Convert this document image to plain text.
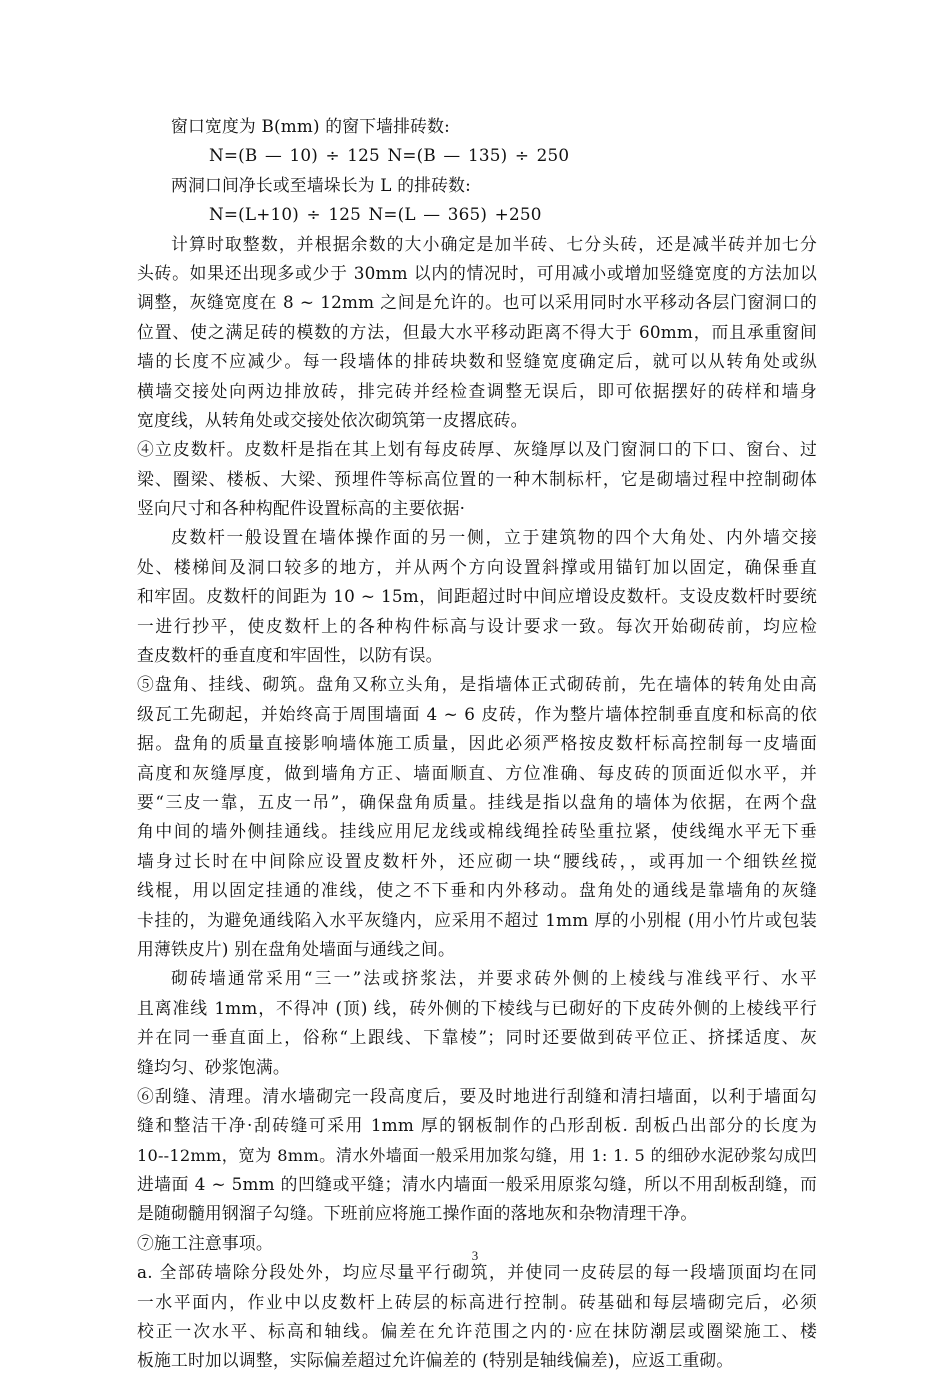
窗口宽度为 B(mm) 的窗下墙排砖数:
N=(B — 10) ÷ 125 N=(B — 135) ÷ 250
两洞口间净长或至墙垛长为 L 的排砖数:
N=(L+10) ÷ 125 N=(L — 365) +250
计算时取整数，并根据余数的大小确定是加半砖、七分头砖，还是减半砖并加七分
头砖。如果还出现多或少于 30mm 以内的情况时，可用减小或增加竖缝宽度的方法加以
调整，灰缝宽度在 8 ~ 12mm 之间是允许的。也可以采用同时水平移动各层门窗洞口的
位置、使之满足砖的模数的方法，但最大水平移动距离不得大于 60mm，而且承重窗间
墙的长度不应减少。每一段墙体的排砖块数和竖缝宽度确定后，就可以从转角处或纵
横墙交接处向两边排放砖，排完砖并经检查调整无误后，即可依据摆好的砖样和墙身
宽度线，从转角处或交接处依次砌筑第一皮撂底砖。
④立皮数杆。皮数杆是指在其上划有每皮砖厚、灰缝厚以及门窗洞口的下口、窗台、过
梁、圈梁、楼板、大梁、预埋件等标高位置的一种木制标杆，它是砌墙过程中控制砌体
竖向尺寸和各种构配件设置标高的主要依据·
皮数杆一般设置在墙体操作面的另一侧，立于建筑物的四个大角处、内外墙交接
处、楼梯间及洞口较多的地方，并从两个方向设置斜撑或用锚钉加以固定，确保垂直
和牢固。皮数杆的间距为 10 ~ 15m，间距超过时中间应增设皮数杆。支设皮数杆时要统
一进行抄平，使皮数杆上的各种构件标高与设计要求一致。每次开始砌砖前，均应检
查皮数杆的垂直度和牢固性，以防有误。
⑤盘角、挂线、砌筑。盘角又称立头角，是指墙体正式砌砖前，先在墙体的转角处由高
级瓦工先砌起，并始终高于周围墙面 4 ~ 6 皮砖，作为整片墙体控制垂直度和标高的依
据。盘角的质量直接影响墙体施工质量，因此必须严格按皮数杆标高控制每一皮墙面
高度和灰缝厚度，做到墙角方正、墙面顺直、方位准确、每皮砖的顶面近似水平，并
要“三皮一靠，五皮一吊”，确保盘角质量。挂线是指以盘角的墙体为依据，在两个盘
角中间的墙外侧挂通线。挂线应用尼龙线或棉线绳拴砖坠重拉紧，使线绳水平无下垂
墙身过长时在中间除应设置皮数杆外，还应砌一块“腰线砖，，或再加一个细铁丝搅
线棍，用以固定挂通的准线，使之不下垂和内外移动。盘角处的通线是靠墙角的灰缝
卡挂的，为避免通线陷入水平灰缝内，应采用不超过 1mm 厚的小别棍 (用小竹片或包装
用薄铁皮片) 别在盘角处墙面与通线之间。
砌砖墙通常采用“三一”法或挤浆法，并要求砖外侧的上棱线与准线平行、水平
且离准线 1mm，不得冲 (顶) 线，砖外侧的下棱线与已砌好的下皮砖外侧的上棱线平行
并在同一垂直面上，俗称“上跟线、下靠棱”；同时还要做到砖平位正、挤揉适度、灰
缝均匀、砂浆饱满。
⑥刮缝、清理。清水墙砌完一段高度后，要及时地进行刮缝和清扫墙面，以利于墙面勾
缝和整洁干净·刮砖缝可采用 1mm 厚的钢板制作的凸形刮板. 刮板凸出部分的长度为
10--12mm，宽为 8mm。清水外墙面一般采用加浆勾缝，用 1: 1. 5 的细砂水泥砂浆勾成凹
进墙面 4 ~ 5mm 的凹缝或平缝；清水内墙面一般采用原浆勾缝，所以不用刮板刮缝，而
是随砌髓用钢溜子勾缝。下班前应将施工操作面的落地灰和杂物清理干净。
⑦施工注意事项。
a. 全部砖墙除分段处外，均应尽量平行砌筑，并使同一皮砖层的每一段墙顶面均在同
一水平面内，作业中以皮数杆上砖层的标高进行控制。砖基础和每层墙砌完后，必须
校正一次水平、标高和轴线。偏差在允许范围之内的·应在抹防潮层或圈梁施工、楼
板施工时加以调整，实际偏差超过允许偏差的 (特别是轴线偏差)，应返工重砌。
3
